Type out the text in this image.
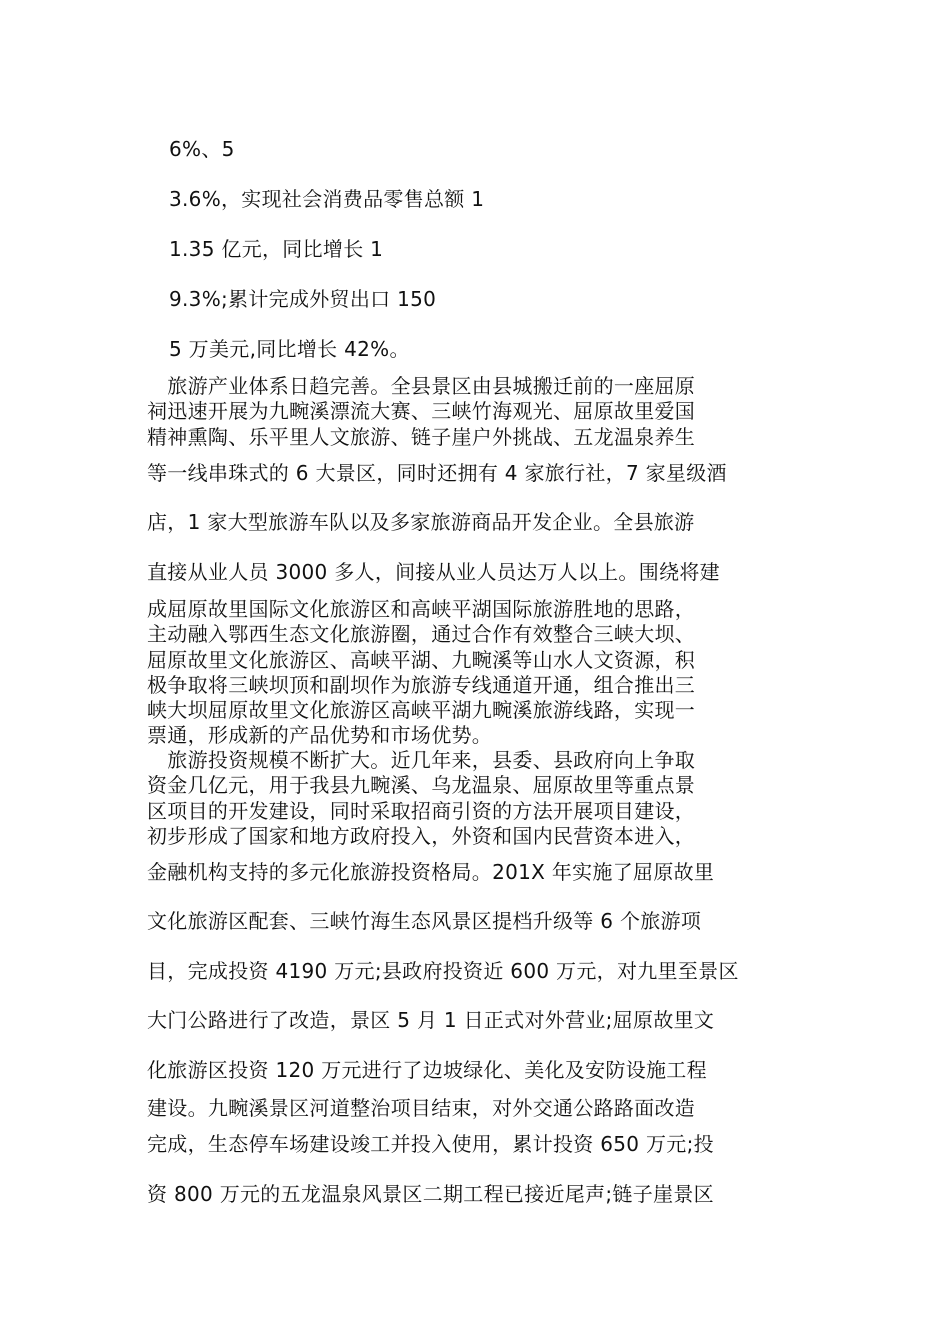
6%、5
3.6%，实现社会消费品零售总额 1
1.35 亿元，同比增长 1
9.3%;累计完成外贸出口 150
5 万美元,同比增长 42%。
　旅游产业体系日趋完善。全县景区由县城搬迁前的一座屈原
祠迅速开展为九畹溪漂流大赛、三峡竹海观光、屈原故里爱国
精神熏陶、乐平里人文旅游、链子崖户外挑战、五龙温泉养生
等一线串珠式的 6 大景区，同时还拥有 4 家旅行社，7 家星级酒
店，1 家大型旅游车队以及多家旅游商品开发企业。全县旅游
直接从业人员 3000 多人，间接从业人员达万人以上。围绕将建
成屈原故里国际文化旅游区和高峡平湖国际旅游胜地的思路，
主动融入鄂西生态文化旅游圈，通过合作有效整合三峡大坝、
屈原故里文化旅游区、高峡平湖、九畹溪等山水人文资源，积
极争取将三峡坝顶和副坝作为旅游专线通道开通，组合推出三
峡大坝屈原故里文化旅游区高峡平湖九畹溪旅游线路，实现一
票通，形成新的产品优势和市场优势。
　旅游投资规模不断扩大。近几年来，县委、县政府向上争取
资金几亿元，用于我县九畹溪、乌龙温泉、屈原故里等重点景
区项目的开发建设，同时采取招商引资的方法开展项目建设，
初步形成了国家和地方政府投入，外资和国内民营资本进入，
金融机构支持的多元化旅游投资格局。201X 年实施了屈原故里
文化旅游区配套、三峡竹海生态风景区提档升级等 6 个旅游项
目，完成投资 4190 万元;县政府投资近 600 万元，对九里至景区
大门公路进行了改造，景区 5 月 1 日正式对外营业;屈原故里文
化旅游区投资 120 万元进行了边坡绿化、美化及安防设施工程
建设。九畹溪景区河道整治项目结束，对外交通公路路面改造
完成，生态停车场建设竣工并投入使用，累计投资 650 万元;投
资 800 万元的五龙温泉风景区二期工程已接近尾声;链子崖景区
